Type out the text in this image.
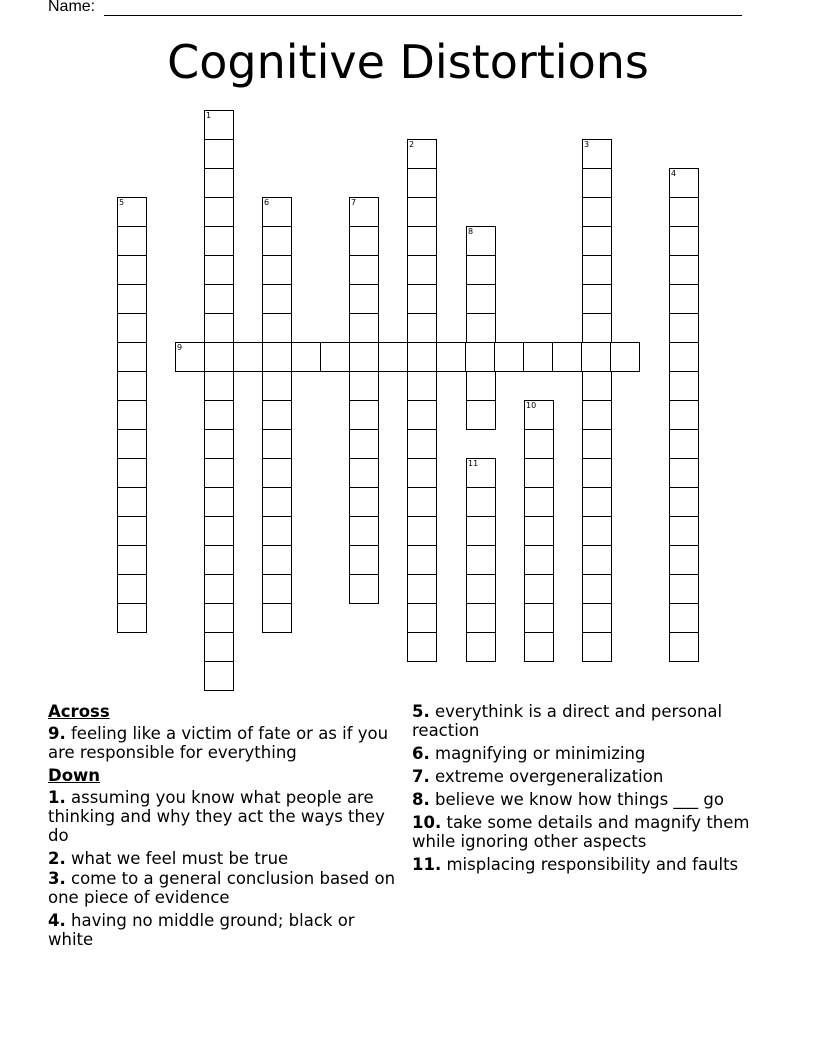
Name:
Cognitive Distortions
1
2	3
4
5	6	7
8
9
10
11
Across
9. feeling like a victim of fate or as if you are responsible for everything
Down
1. assuming you know what people are thinking and why they act the ways they do
2. what we feel must be true
3. come to a general conclusion based on one piece of evidence
4. having no middle ground; black or white
5. everythink is a direct and personal reaction
6. magnifying or minimizing
7. extreme overgeneralization
8. believe we know how things ___ go
10. take some details and magnify them while ignoring other aspects
11. misplacing responsibility and faults
